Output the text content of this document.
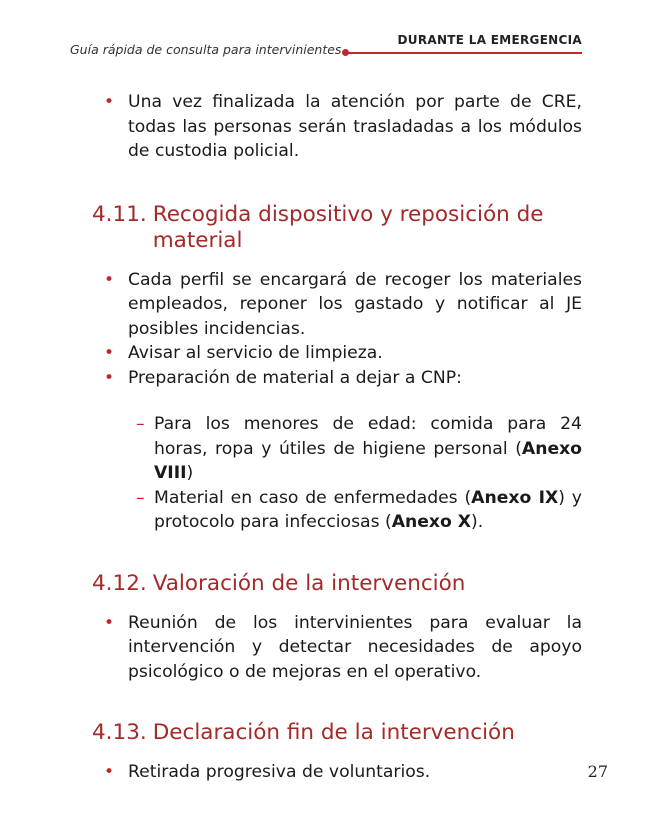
Guía rápida de consulta para intervinientes
DURANTE LA EMERGENCIA
• Una vez finalizada la atención por parte de CRE, todas las personas serán trasladadas a los módulos de custodia policial.
4.11. Recogida dispositivo y reposición de material
• Cada perfil se encargará de recoger los materiales empleados, reponer los gastado y notificar al JE posibles incidencias.
• Avisar al servicio de limpieza.
• Preparación de material a dejar a CNP:
– Para los menores de edad: comida para 24 horas, ropa y útiles de higiene personal (Anexo VIII)
– Material en caso de enfermedades (Anexo IX) y protocolo para infecciosas (Anexo X).
4.12. Valoración de la intervención
• Reunión de los intervinientes para evaluar la intervención y detectar necesidades de apoyo psicológico o de mejoras en el operativo.
4.13. Declaración fin de la intervención
• Retirada progresiva de voluntarios.	27
